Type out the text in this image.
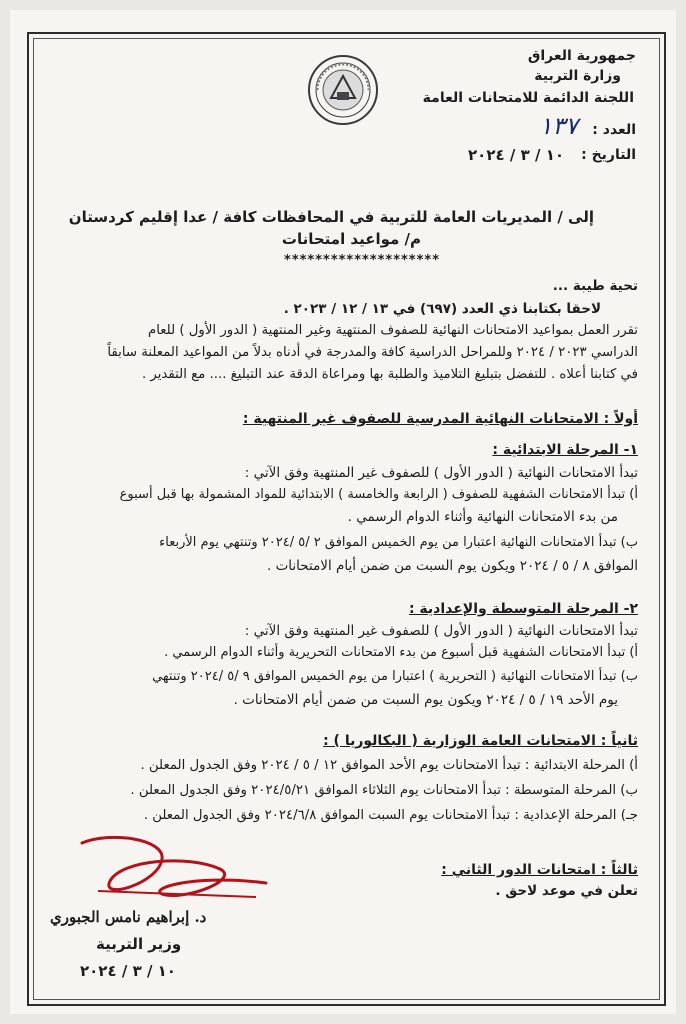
جمهورية العراق
وزارة التربية
اللجنة الدائمة للامتحانات العامة
العدد :
١٣٧
التاريخ :
١٠ / ٣ / ٢٠٢٤
إلى / المديريات العامة للتربية في المحافظات كافة / عدا إقليم كردستان
م/ مواعيد امتحانات
********************
تحية طيبة ...
لاحقا بكتابنا ذي العدد (٦٩٧) في ١٣ / ١٢ / ٢٠٢٣ .
تقرر العمل بمواعيد الامتحانات النهائية للصفوف المنتهية وغير المنتهية ( الدور الأول ) للعام
الدراسي ٢٠٢٣ / ٢٠٢٤ وللمراحل الدراسية كافة والمدرجة في أدناه بدلاً من المواعيد المعلنة سابقاً
في كتابنا أعلاه . للتفضل بتبليغ التلاميذ والطلبة بها ومراعاة الدقة عند التبليغ .... مع التقدير .
أولاً : الامتحانات النهائية المدرسية للصفوف غير المنتهية :
١- المرحلة الابتدائية :
تبدأ الامتحانات النهائية ( الدور الأول ) للصفوف غير المنتهية وفق الآتي :
أ) تبدأ الامتحانات الشفهية للصفوف ( الرابعة والخامسة ) الابتدائية للمواد المشمولة بها قبل أسبوع
من بدء الامتحانات النهائية وأثناء الدوام الرسمي .
ب) تبدأ الامتحانات النهائية اعتبارا من يوم الخميس الموافق ٢ /٥ /٢٠٢٤ وتنتهي يوم الأربعاء
الموافق ٨ / ٥ / ٢٠٢٤ ويكون يوم السبت من ضمن أيام الامتحانات .
٢- المرحلة المتوسطة والإعدادية :
تبدأ الامتحانات النهائية ( الدور الأول ) للصفوف غير المنتهية وفق الآتي :
أ) تبدأ الامتحانات الشفهية قبل أسبوع من بدء الامتحانات التحريرية وأثناء الدوام الرسمي .
ب) تبدأ الامتحانات النهائية ( التحريرية ) اعتبارا من يوم الخميس الموافق ٩ /٥ /٢٠٢٤ وتنتهي
يوم الأحد ١٩ / ٥ / ٢٠٢٤ ويكون يوم السبت من ضمن أيام الامتحانات .
ثانياً : الامتحانات العامة الوزارية ( البكالوريا ) :
أ) المرحلة الابتدائية : تبدأ الامتحانات يوم الأحد الموافق ١٢ / ٥ / ٢٠٢٤ وفق الجدول المعلن .
ب) المرحلة المتوسطة : تبدأ الامتحانات يوم الثلاثاء الموافق ٢٠٢٤/٥/٢١ وفق الجدول المعلن .
جـ) المرحلة الإعدادية : تبدأ الامتحانات يوم السبت الموافق ٢٠٢٤/٦/٨ وفق الجدول المعلن .
ثالثاً : امتحانات الدور الثاني :
تعلن في موعد لاحق .
د. إبراهيم نامس الجبوري
وزير التربية
١٠ / ٣ / ٢٠٢٤
